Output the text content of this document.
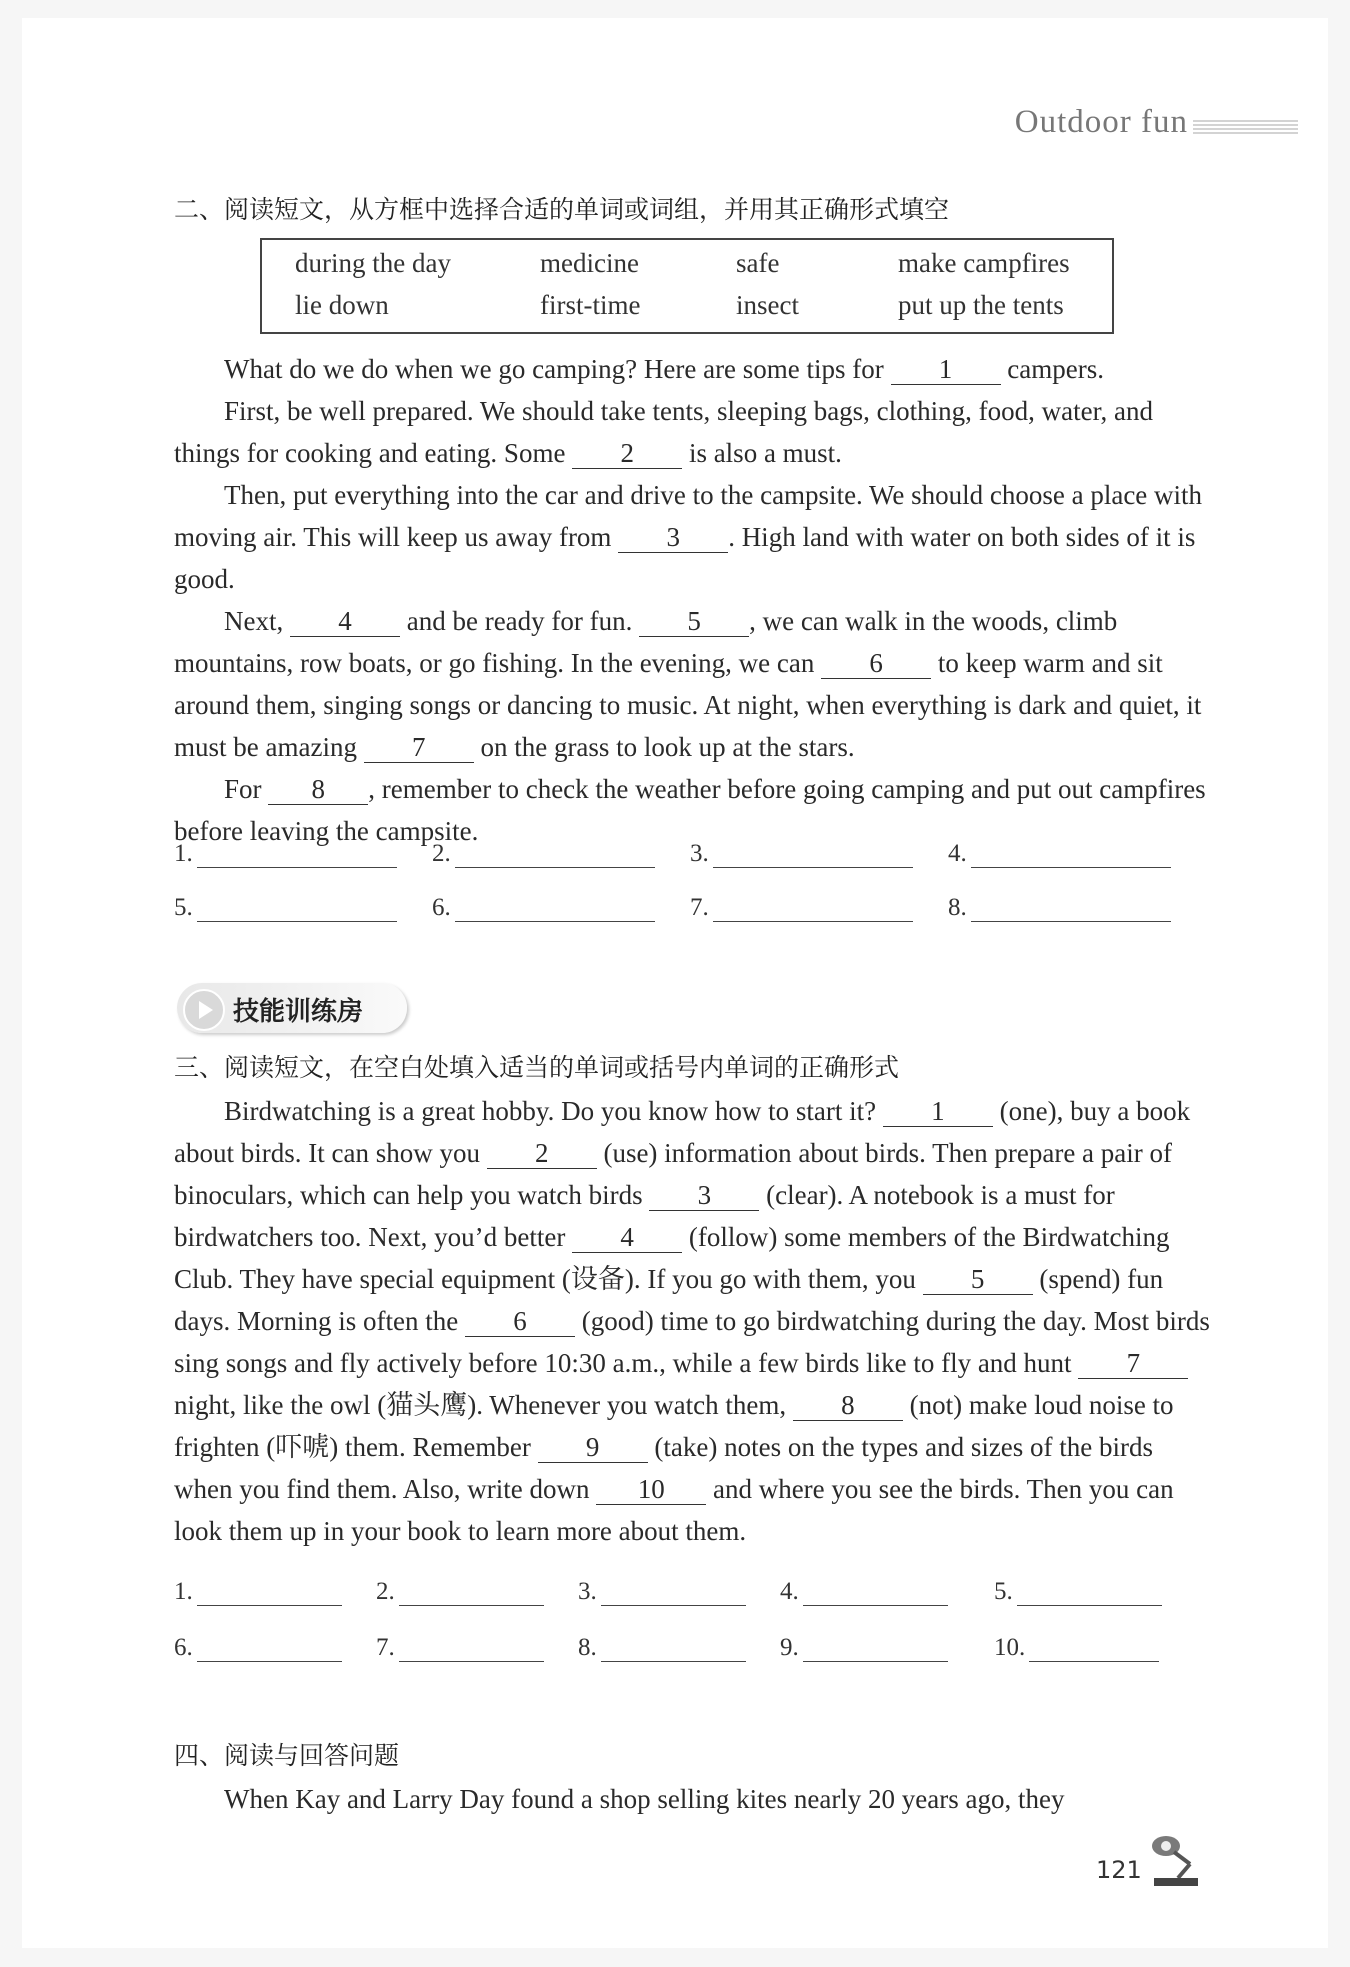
Outdoor fun
二、阅读短文，从方框中选择合适的单词或词组，并用其正确形式填空
during the day	medicine	safe	make campfires
lie down	first-time	insect	put up the tents

What do we do when we go camping? Here are some tips for 1 campers.

First, be well prepared. We should take tents, sleeping bags, clothing, food, water, and things for cooking and eating. Some 2 is also a must.

Then, put everything into the car and drive to the campsite. We should choose a place with moving air. This will keep us away from 3 . High land with water on both sides of it is good.

Next, 4 and be ready for fun. 5 , we can walk in the woods, climb mountains, row boats, or go fishing. In the evening, we can 6 to keep warm and sit around them, singing songs or dancing to music. At night, when everything is dark and quiet, it must be amazing 7 on the grass to look up at the stars.

For 8 , remember to check the weather before going camping and put out campfires before leaving the campsite.

1.	2.	3.	4.
5.	6.	7.	8.
技能训练房
三、阅读短文，在空白处填入适当的单词或括号内单词的正确形式

Birdwatching is a great hobby. Do you know how to start it? 1 (one), buy a book about birds. It can show you 2 (use) information about birds. Then prepare a pair of binoculars, which can help you watch birds 3 (clear). A notebook is a must for birdwatchers too. Next, you’d better 4 (follow) some members of the Birdwatching Club. They have special equipment (设备). If you go with them, you 5 (spend) fun days. Morning is often the 6 (good) time to go birdwatching during the day. Most birds sing songs and fly actively before 10:30 a.m., while a few birds like to fly and hunt 7 night, like the owl (猫头鹰). Whenever you watch them, 8 (not) make loud noise to frighten (吓唬) them. Remember 9 (take) notes on the types and sizes of the birds when you find them. Also, write down 10 and where you see the birds. Then you can look them up in your book to learn more about them.

1.	2.	3.	4.	5.
6.	7.	8.	9.	10.
四、阅读与回答问题

When Kay and Larry Day found a shop selling kites nearly 20 years ago, they

121
